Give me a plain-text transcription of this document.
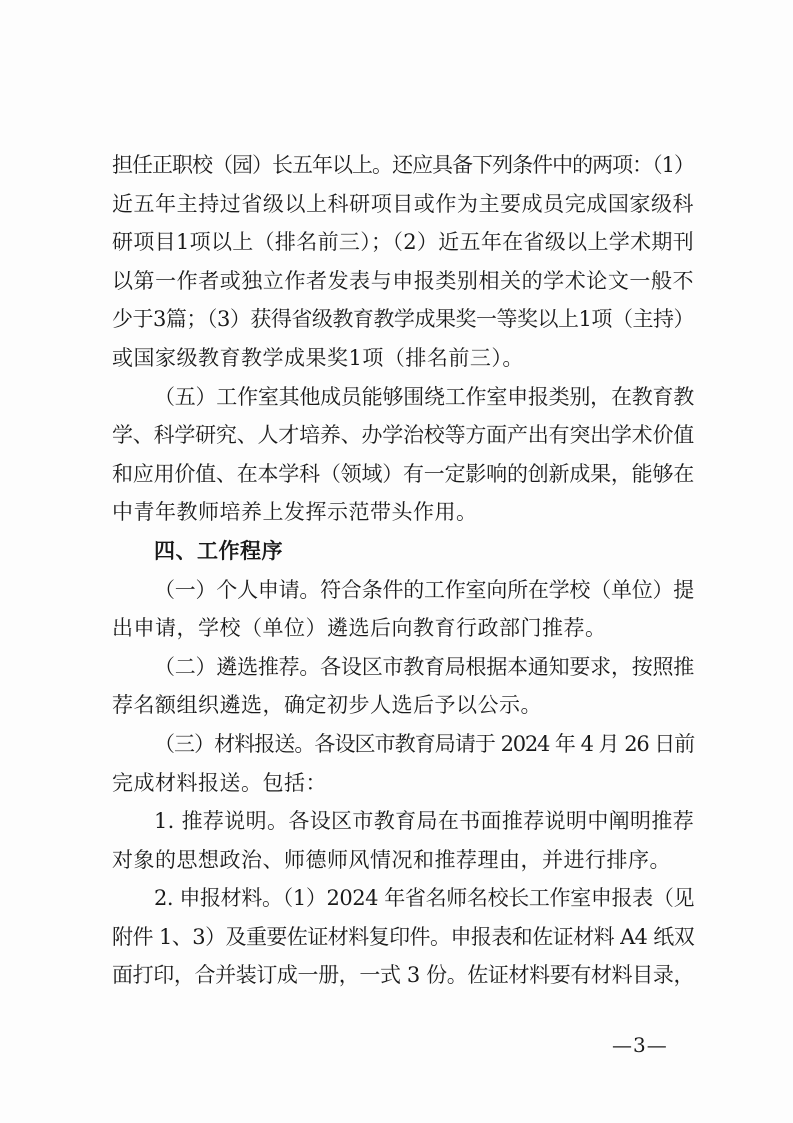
担任正职校（园）长五年以上。还应具备下列条件中的两项：（1）
近五年主持过省级以上科研项目或作为主要成员完成国家级科
研项目1项以上（排名前三）；（2）近五年在省级以上学术期刊
以第一作者或独立作者发表与申报类别相关的学术论文一般不
少于3篇；（3）获得省级教育教学成果奖一等奖以上1项（主持）
或国家级教育教学成果奖1项（排名前三）。
（五）工作室其他成员能够围绕工作室申报类别，在教育教
学、科学研究、人才培养、办学治校等方面产出有突出学术价值
和应用价值、在本学科（领域）有一定影响的创新成果，能够在
中青年教师培养上发挥示范带头作用。
四、工作程序
（一）个人申请。符合条件的工作室向所在学校（单位）提
出申请，学校（单位）遴选后向教育行政部门推荐。
（二）遴选推荐。各设区市教育局根据本通知要求，按照推
荐名额组织遴选，确定初步人选后予以公示。
（三）材料报送。各设区市教育局请于 2024 年 4 月 26 日前
完成材料报送。包括：
1. 推荐说明。各设区市教育局在书面推荐说明中阐明推荐
对象的思想政治、师德师风情况和推荐理由，并进行排序。
2. 申报材料。（1）2024 年省名师名校长工作室申报表（见
附件 1、3）及重要佐证材料复印件。申报表和佐证材料 A4 纸双
面打印，合并装订成一册，一式 3 份。佐证材料要有材料目录，
—3—
